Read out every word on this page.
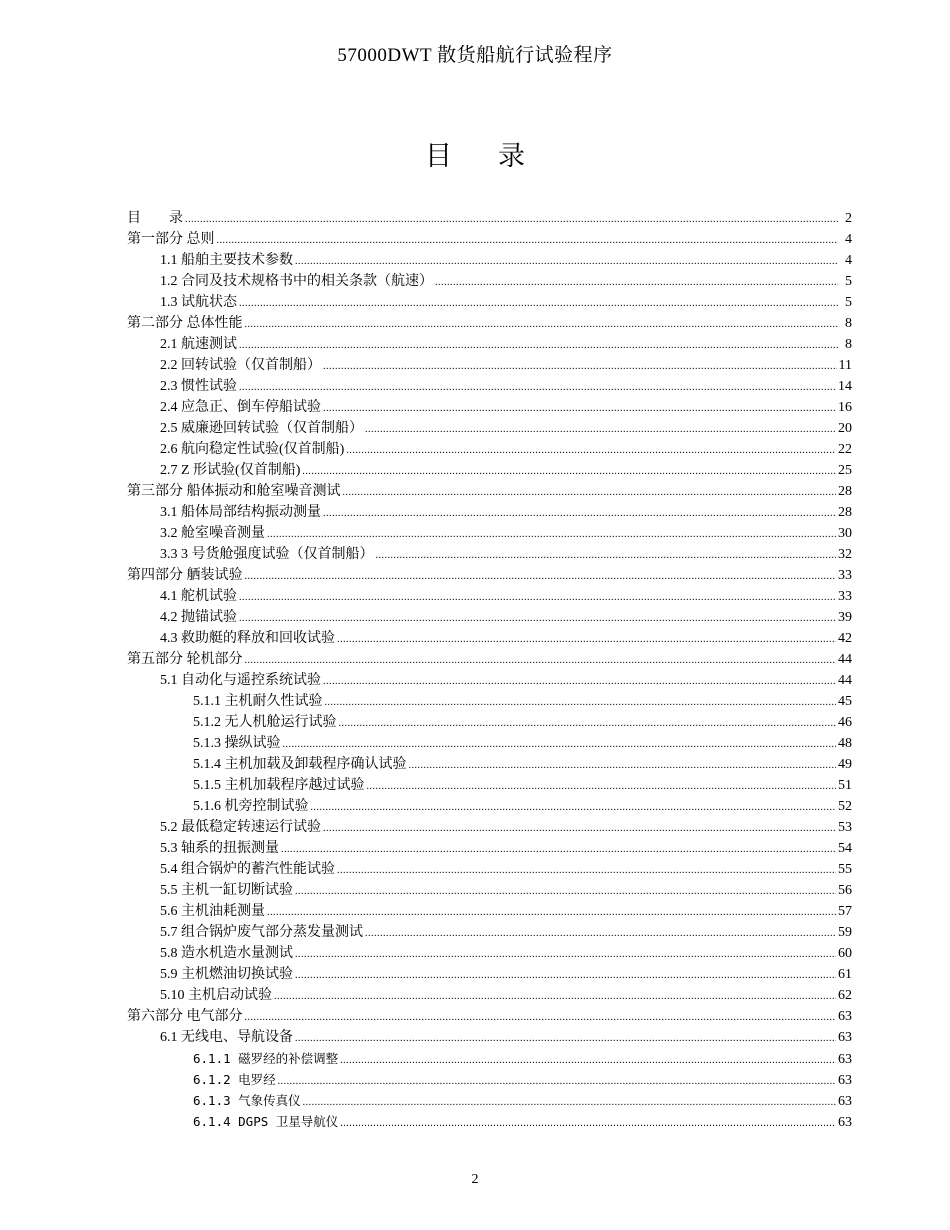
57000DWT 散货船航行试验程序
目 录
目　　录 .....	2
第一部分 总则 .....	4
1.1 船舶主要技术参数 .....	4
1.2 合同及技术规格书中的相关条款（航速） .....	5
1.3 试航状态 .....	5
第二部分 总体性能 .....	8
2.1 航速测试 .....	8
2.2 回转试验（仅首制船） .....	11
2.3 惯性试验 .....	14
2.4 应急正、倒车停船试验 .....	16
2.5 威廉逊回转试验（仅首制船） .....	20
2.6 航向稳定性试验(仅首制船) .....	22
2.7 Z 形试验(仅首制船) .....	25
第三部分 船体振动和舱室噪音测试 .....	28
3.1 船体局部结构振动测量 .....	28
3.2 舱室噪音测量 .....	30
3.3 3 号货舱强度试验（仅首制船） .....	32
第四部分 舾装试验 .....	33
4.1 舵机试验 .....	33
4.2 抛锚试验 .....	39
4.3 救助艇的释放和回收试验 .....	42
第五部分 轮机部分 .....	44
5.1 自动化与遥控系统试验 .....	44
5.1.1 主机耐久性试验 .....	45
5.1.2 无人机舱运行试验 .....	46
5.1.3 操纵试验 .....	48
5.1.4 主机加载及卸载程序确认试验 .....	49
5.1.5 主机加载程序越过试验 .....	51
5.1.6 机旁控制试验 .....	52
5.2 最低稳定转速运行试验 .....	53
5.3 轴系的扭振测量 .....	54
5.4 组合锅炉的蓄汽性能试验 .....	55
5.5 主机一缸切断试验 .....	56
5.6 主机油耗测量 .....	57
5.7 组合锅炉废气部分蒸发量测试 .....	59
5.8 造水机造水量测试 .....	60
5.9 主机燃油切换试验 .....	61
5.10 主机启动试验 .....	62
第六部分 电气部分 .....	63
6.1 无线电、导航设备 .....	63
6.1.1 磁罗经的补偿调整 .....	63
6.1.2 电罗经 .....	63
6.1.3 气象传真仪 .....	63
6.1.4 DGPS 卫星导航仪 .....	63
2
